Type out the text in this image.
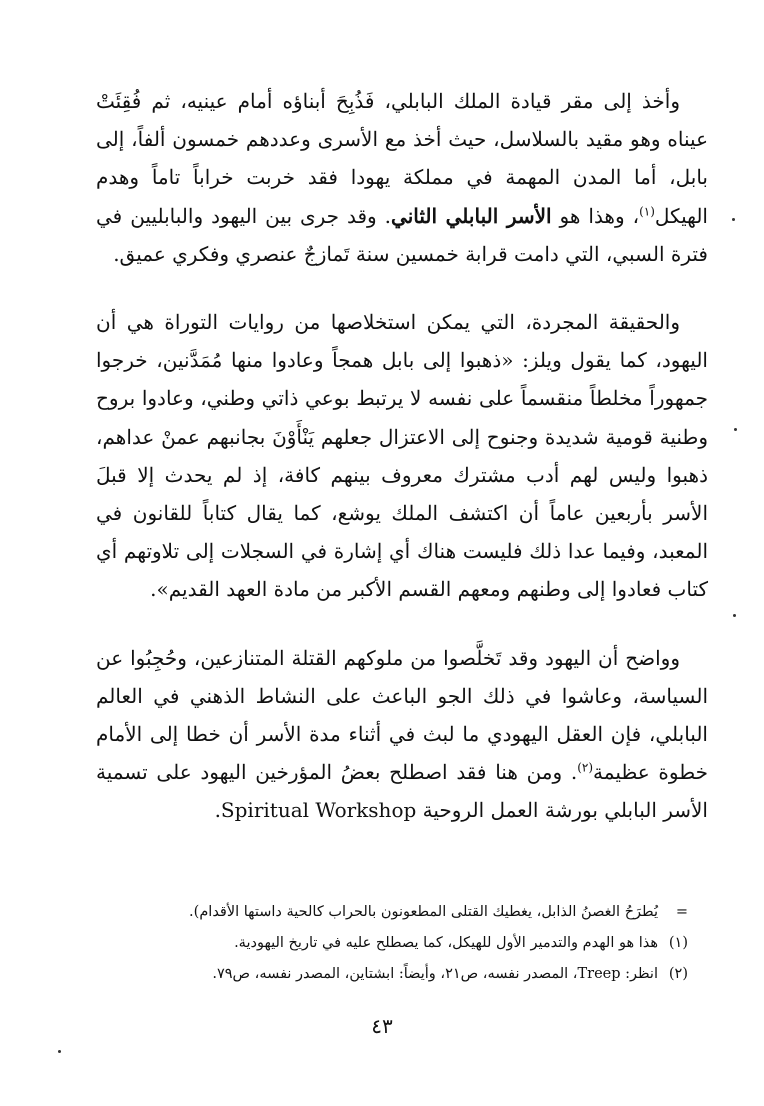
وأخذ إلى مقر قيادة الملك البابلي، فَذُبِحَ أبناؤه أمام عينيه، ثم فُقِئَتْ عيناه وهو مقيد بالسلاسل، حيث أخذ مع الأسرى وعددهم خمسون ألفاً، إلى بابل، أما المدن المهمة في مملكة يهودا فقد خربت خراباً تاماً وهدم الهيكل$^{(١)}$، وهذا هو الأسر البابلي الثاني. وقد جرى بين اليهود والبابليين في فترة السبي، التي دامت قرابة خمسين سنة تَمازجٌ عنصري وفكري عميق.

والحقيقة المجردة، التي يمكن استخلاصها من روايات التوراة هي أن اليهود، كما يقول ويلز: «ذهبوا إلى بابل همجاً وعادوا منها مُمَدَّنين، خرجوا جمهوراً مخلطاً منقسماً على نفسه لا يرتبط بوعي ذاتي وطني، وعادوا بروح وطنية قومية شديدة وجنوح إلى الاعتزال جعلهم يَنْأَوْنَ بجانبهم عمنْ عداهم، ذهبوا وليس لهم أدب مشترك معروف بينهم كافة، إذ لم يحدث إلا قبلَ الأسر بأربعين عاماً أن اكتشف الملك يوشع، كما يقال كتاباً للقانون في المعبد، وفيما عدا ذلك فليست هناك أي إشارة في السجلات إلى تلاوتهم أي كتاب فعادوا إلى وطنهم ومعهم القسم الأكبر من مادة العهد القديم».

وواضح أن اليهود وقد تَخلَّصوا من ملوكهم القتلة المتنازعين، وحُجِبُوا عن السياسة، وعاشوا في ذلك الجو الباعث على النشاط الذهني في العالم البابلي، فإن العقل اليهودي ما لبث في أثناء مدة الأسر أن خطا إلى الأمام خطوة عظيمة$^{(٢)}$. ومن هنا فقد اصطلح بعضُ المؤرخين اليهود على تسمية الأسر البابلي بورشة العمل الروحية Spiritual Workshop.

=
يُطرَحُ الغصنُ الذابل، يغطيك القتلى المطعونون بالحراب كالحية داستها الأقدام).
(١)
هذا هو الهدم والتدمير الأول للهيكل، كما يصطلح عليه في تاريخ اليهودية.
(٢)
انظر: Treep، المصدر نفسه، ص٢١، وأيضاً: ابشتاين، المصدر نفسه، ص٧٩.
٤٣
